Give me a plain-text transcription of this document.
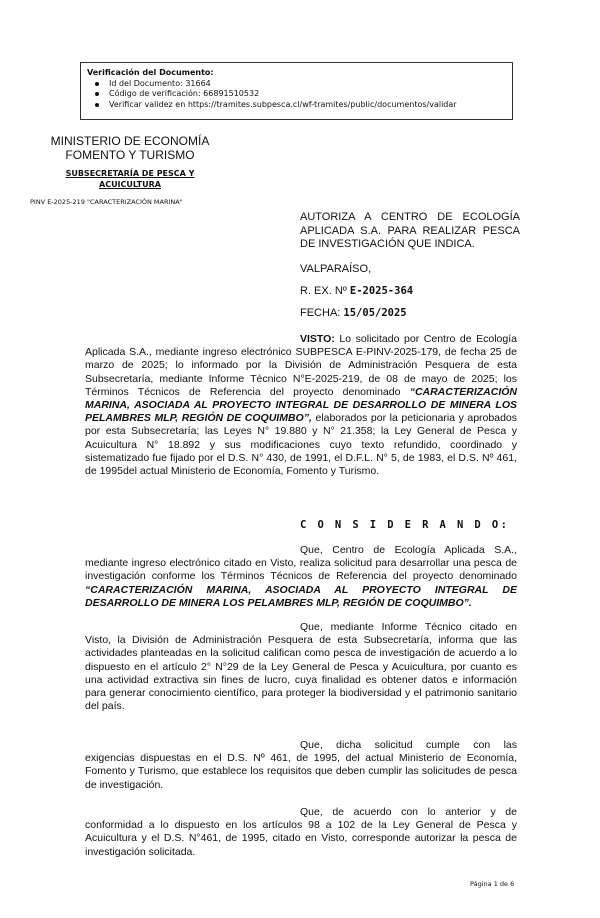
Verificación del Documento:
Id del Documento: 31664
Código de verificación: 66891510532
Verificar validez en https://tramites.subpesca.cl/wf-tramites/public/documentos/validar
MINISTERIO DE ECONOMÍA
FOMENTO Y TURISMO
SUBSECRETARÍA DE PESCA Y
ACUICULTURA
PINV E-2025-219 "CARACTERIZACIÓN MARINA"
AUTORIZA A CENTRO DE ECOLOGÍA APLICADA S.A. PARA REALIZAR PESCA DE INVESTIGACIÓN QUE INDICA.
VALPARAÍSO,
R. EX. Nº E-2025-364
FECHA: 15/05/2025
VISTO: Lo solicitado por Centro de Ecología Aplicada S.A., mediante ingreso electrónico SUBPESCA E-PINV-2025-179, de fecha 25 de marzo de 2025; lo informado por la División de Administración Pesquera de esta Subsecretaría, mediante Informe Técnico N°E-2025-219, de 08 de mayo de 2025; los Términos Técnicos de Referencia del proyecto denominado “CARACTERIZACIÓN MARINA, ASOCIADA AL PROYECTO INTEGRAL DE DESARROLLO DE MINERA LOS PELAMBRES MLP, REGIÓN DE COQUIMBO”, elaborados por la peticionaria y aprobados por esta Subsecretaría; las Leyes N° 19.880 y N° 21.358; la Ley General de Pesca y Acuicultura N° 18.892 y sus modificaciones cuyo texto refundido, coordinado y sistematizado fue fijado por el D.S. N° 430, de 1991, el D.F.L. N° 5, de 1983, el D.S. Nº 461, de 1995del actual Ministerio de Economía, Fomento y Turismo.
C O N S I D E R A N D O:
Que, Centro de Ecología Aplicada S.A., mediante ingreso electrónico citado en Visto, realiza solicitud para desarrollar una pesca de investigación conforme los Términos Técnicos de Referencia del proyecto denominado “CARACTERIZACIÓN MARINA, ASOCIADA AL PROYECTO INTEGRAL DE DESARROLLO DE MINERA LOS PELAMBRES MLP, REGIÓN DE COQUIMBO”.
Que, mediante Informe Técnico citado en Visto, la División de Administración Pesquera de esta Subsecretaría, informa que las actividades planteadas en la solicitud califican como pesca de investigación de acuerdo a lo dispuesto en el artículo 2° N°29 de la Ley General de Pesca y Acuicultura, por cuanto es una actividad extractiva sin fines de lucro, cuya finalidad es obtener datos e información para generar conocimiento científico, para proteger la biodiversidad y el patrimonio sanitario del país.
Que, dicha solicitud cumple con las exigencias dispuestas en el D.S. Nº 461, de 1995, del actual Ministerio de Economía, Fomento y Turismo, que establece los requisitos que deben cumplir las solicitudes de pesca de investigación.
Que, de acuerdo con lo anterior y de conformidad a lo dispuesto en los artículos 98 a 102 de la Ley General de Pesca y Acuicultura y el D.S. N°461, de 1995, citado en Visto, corresponde autorizar la pesca de investigación solicitada.
Página 1 de 6
